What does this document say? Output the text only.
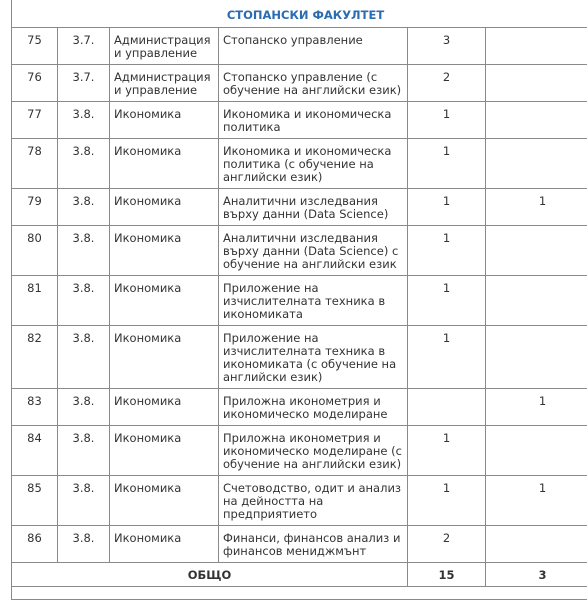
СТОПАНСКИ ФАКУЛТЕТ					
75	3.7.	Администрация и управление	Стопанско управление	3	
76	3.7.	Администрация и управление	Стопанско управление (с обучение на английски език)	2	
77	3.8.	Икономика	Икономика и икономическа политика	1	
78	3.8.	Икономика	Икономика и икономическа политика (с обучение на английски език)	1	
79	3.8.	Икономика	Аналитични изследвания върху данни (Data Science)	1	1
80	3.8.	Икономика	Аналитични изследвания върху данни (Data Science) с обучение на английски език	1	
81	3.8.	Икономика	Приложение на изчислителната техника в икономиката	1	
82	3.8.	Икономика	Приложение на изчислителната техника в икономиката (с обучение на английски език)	1	
83	3.8.	Икономика	Приложна иконометрия и икономическо моделиране		1
84	3.8.	Икономика	Приложна иконометрия и икономическо моделиране (с обучение на английски език)	1	
85	3.8.	Икономика	Счетоводство, одит и анализ на дейността на предприятието	1	1
86	3.8.	Икономика	Финанси, финансов анализ и финансов мениджмънт	2	
ОБЩО				15	3
